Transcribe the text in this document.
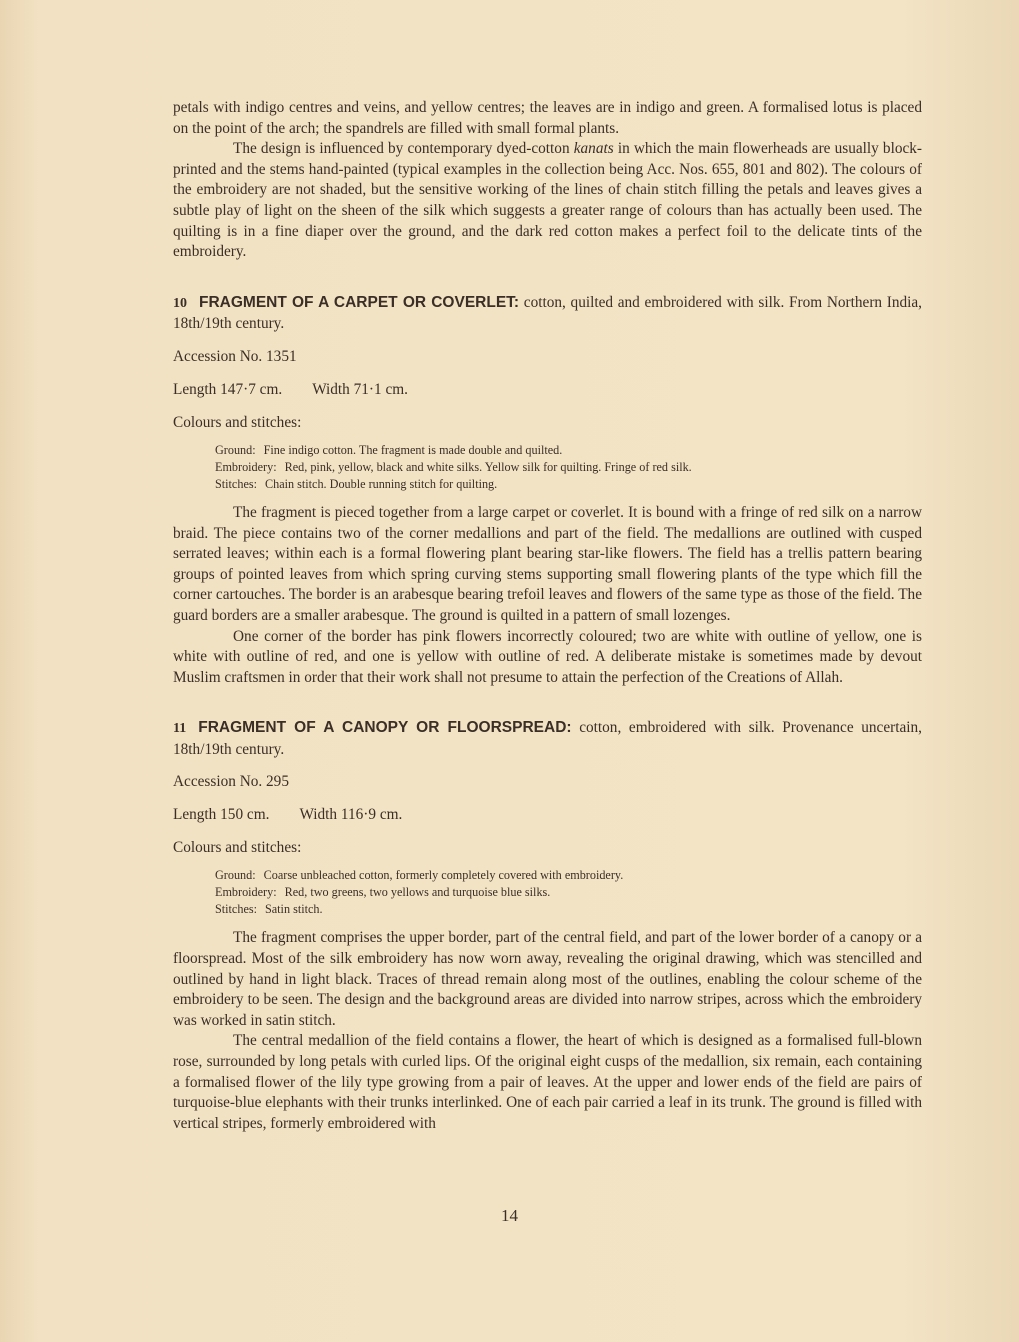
petals with indigo centres and veins, and yellow centres; the leaves are in indigo and green. A formalised lotus is placed on the point of the arch; the spandrels are filled with small formal plants.

The design is influenced by contemporary dyed-cotton kanats in which the main flowerheads are usually block-printed and the stems hand-painted (typical examples in the collection being Acc. Nos. 655, 801 and 802). The colours of the embroidery are not shaded, but the sensitive working of the lines of chain stitch filling the petals and leaves gives a subtle play of light on the sheen of the silk which suggests a greater range of colours than has actually been used. The quilting is in a fine diaper over the ground, and the dark red cotton makes a perfect foil to the delicate tints of the embroidery.

10 FRAGMENT OF A CARPET OR COVERLET: cotton, quilted and embroidered with silk. From Northern India, 18th/19th century.

Accession No. 1351

Length 147·7 cm. Width 71·1 cm.

Colours and stitches:

Ground: Fine indigo cotton. The fragment is made double and quilted.
Embroidery: Red, pink, yellow, black and white silks. Yellow silk for quilting. Fringe of red silk.
Stitches: Chain stitch. Double running stitch for quilting.

The fragment is pieced together from a large carpet or coverlet. It is bound with a fringe of red silk on a narrow braid. The piece contains two of the corner medallions and part of the field. The medallions are outlined with cusped serrated leaves; within each is a formal flowering plant bearing star-like flowers. The field has a trellis pattern bearing groups of pointed leaves from which spring curving stems supporting small flowering plants of the type which fill the corner cartouches. The border is an arabesque bearing trefoil leaves and flowers of the same type as those of the field. The guard borders are a smaller arabesque. The ground is quilted in a pattern of small lozenges.

One corner of the border has pink flowers incorrectly coloured; two are white with outline of yellow, one is white with outline of red, and one is yellow with outline of red. A deliberate mistake is sometimes made by devout Muslim craftsmen in order that their work shall not presume to attain the perfection of the Creations of Allah.

11 FRAGMENT OF A CANOPY OR FLOORSPREAD: cotton, embroidered with silk. Provenance uncertain, 18th/19th century.

Accession No. 295

Length 150 cm. Width 116·9 cm.

Colours and stitches:

Ground: Coarse unbleached cotton, formerly completely covered with embroidery.
Embroidery: Red, two greens, two yellows and turquoise blue silks.
Stitches: Satin stitch.

The fragment comprises the upper border, part of the central field, and part of the lower border of a canopy or a floorspread. Most of the silk embroidery has now worn away, revealing the original drawing, which was stencilled and outlined by hand in light black. Traces of thread remain along most of the outlines, enabling the colour scheme of the embroidery to be seen. The design and the background areas are divided into narrow stripes, across which the embroidery was worked in satin stitch.

The central medallion of the field contains a flower, the heart of which is designed as a formalised full-blown rose, surrounded by long petals with curled lips. Of the original eight cusps of the medallion, six remain, each containing a formalised flower of the lily type growing from a pair of leaves. At the upper and lower ends of the field are pairs of turquoise-blue elephants with their trunks interlinked. One of each pair carried a leaf in its trunk. The ground is filled with vertical stripes, formerly embroidered with

14
